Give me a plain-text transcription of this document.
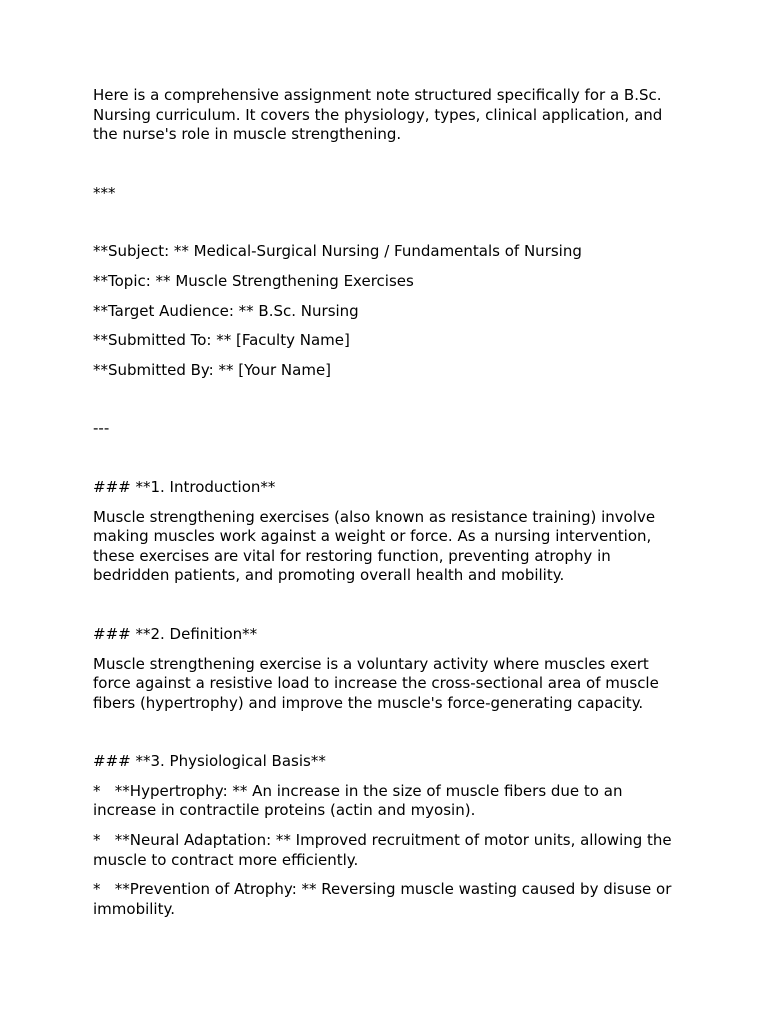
Here is a comprehensive assignment note structured specifically for a B.Sc. Nursing curriculum. It covers the physiology, types, clinical application, and the nurse's role in muscle strengthening.

***

**Subject: ** Medical-Surgical Nursing / Fundamentals of Nursing

**Topic: ** Muscle Strengthening Exercises

**Target Audience: ** B.Sc. Nursing

**Submitted To: ** [Faculty Name]

**Submitted By: ** [Your Name]

---

### **1. Introduction**

Muscle strengthening exercises (also known as resistance training) involve making muscles work against a weight or force. As a nursing intervention, these exercises are vital for restoring function, preventing atrophy in bedridden patients, and promoting overall health and mobility.

### **2. Definition**

Muscle strengthening exercise is a voluntary activity where muscles exert force against a resistive load to increase the cross-sectional area of muscle fibers (hypertrophy) and improve the muscle's force-generating capacity.

### **3. Physiological Basis**

*   **Hypertrophy: ** An increase in the size of muscle fibers due to an increase in contractile proteins (actin and myosin).

*   **Neural Adaptation: ** Improved recruitment of motor units, allowing the muscle to contract more efficiently.

*   **Prevention of Atrophy: ** Reversing muscle wasting caused by disuse or immobility.
